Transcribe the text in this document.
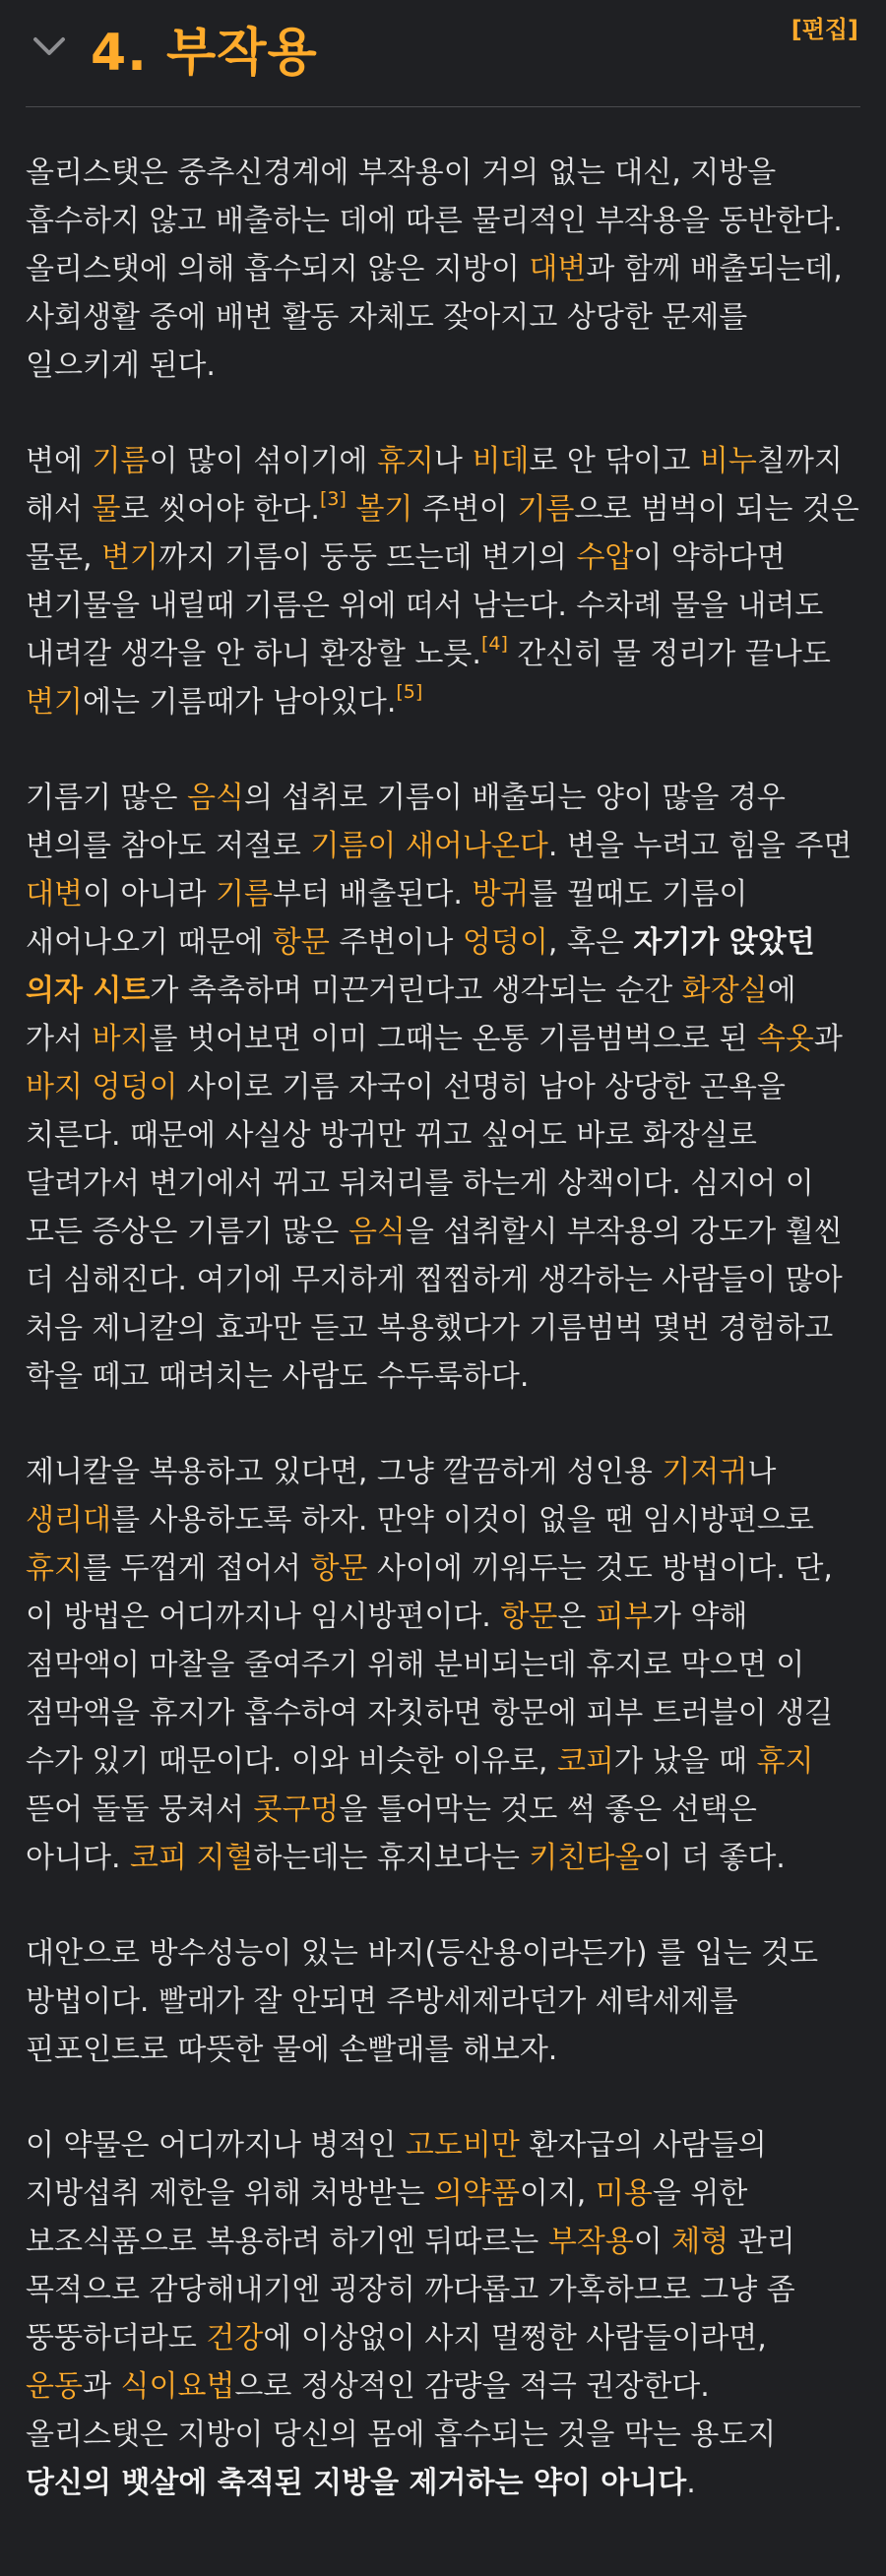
4. 부작용	[편집]

올리스탯은 중추신경계에 부작용이 거의 없는 대신, 지방을 흡수하지 않고 배출하는 데에 따른 물리적인 부작용을 동반한다. 올리스탯에 의해 흡수되지 않은 지방이 대변과 함께 배출되는데, 사회생활 중에 배변 활동 자체도 잦아지고 상당한 문제를 일으키게 된다.

변에 기름이 많이 섞이기에 휴지나 비데로 안 닦이고 비누칠까지 해서 물로 씻어야 한다.[3] 볼기 주변이 기름으로 범벅이 되는 것은 물론, 변기까지 기름이 둥둥 뜨는데 변기의 수압이 약하다면 변기물을 내릴때 기름은 위에 떠서 남는다. 수차례 물을 내려도 내려갈 생각을 안 하니 환장할 노릇.[4] 간신히 물 정리가 끝나도 변기에는 기름때가 남아있다.[5]

기름기 많은 음식의 섭취로 기름이 배출되는 양이 많을 경우 변의를 참아도 저절로 기름이 새어나온다. 변을 누려고 힘을 주면 대변이 아니라 기름부터 배출된다. 방귀를 뀔때도 기름이 새어나오기 때문에 항문 주변이나 엉덩이, 혹은 자기가 앉았던 의자 시트가 축축하며 미끈거린다고 생각되는 순간 화장실에 가서 바지를 벗어보면 이미 그때는 온통 기름범벅으로 된 속옷과 바지 엉덩이 사이로 기름 자국이 선명히 남아 상당한 곤욕을 치른다. 때문에 사실상 방귀만 뀌고 싶어도 바로 화장실로 달려가서 변기에서 뀌고 뒤처리를 하는게 상책이다. 심지어 이 모든 증상은 기름기 많은 음식을 섭취할시 부작용의 강도가 훨씬 더 심해진다. 여기에 무지하게 찝찝하게 생각하는 사람들이 많아 처음 제니칼의 효과만 듣고 복용했다가 기름범벅 몇번 경험하고 학을 떼고 때려치는 사람도 수두룩하다.

제니칼을 복용하고 있다면, 그냥 깔끔하게 성인용 기저귀나 생리대를 사용하도록 하자. 만약 이것이 없을 땐 임시방편으로 휴지를 두껍게 접어서 항문 사이에 끼워두는 것도 방법이다. 단, 이 방법은 어디까지나 임시방편이다. 항문은 피부가 약해 점막액이 마찰을 줄여주기 위해 분비되는데 휴지로 막으면 이 점막액을 휴지가 흡수하여 자칫하면 항문에 피부 트러블이 생길 수가 있기 때문이다. 이와 비슷한 이유로, 코피가 났을 때 휴지 뜯어 돌돌 뭉쳐서 콧구멍을 틀어막는 것도 썩 좋은 선택은 아니다. 코피 지혈하는데는 휴지보다는 키친타올이 더 좋다.

대안으로 방수성능이 있는 바지(등산용이라든가) 를 입는 것도 방법이다. 빨래가 잘 안되면 주방세제라던가 세탁세제를 핀포인트로 따뜻한 물에 손빨래를 해보자.

이 약물은 어디까지나 병적인 고도비만 환자급의 사람들의 지방섭취 제한을 위해 처방받는 의약품이지, 미용을 위한 보조식품으로 복용하려 하기엔 뒤따르는 부작용이 체형 관리 목적으로 감당해내기엔 굉장히 까다롭고 가혹하므로 그냥 좀 뚱뚱하더라도 건강에 이상없이 사지 멀쩡한 사람들이라면, 운동과 식이요법으로 정상적인 감량을 적극 권장한다. 올리스탯은 지방이 당신의 몸에 흡수되는 것을 막는 용도지 당신의 뱃살에 축적된 지방을 제거하는 약이 아니다.
